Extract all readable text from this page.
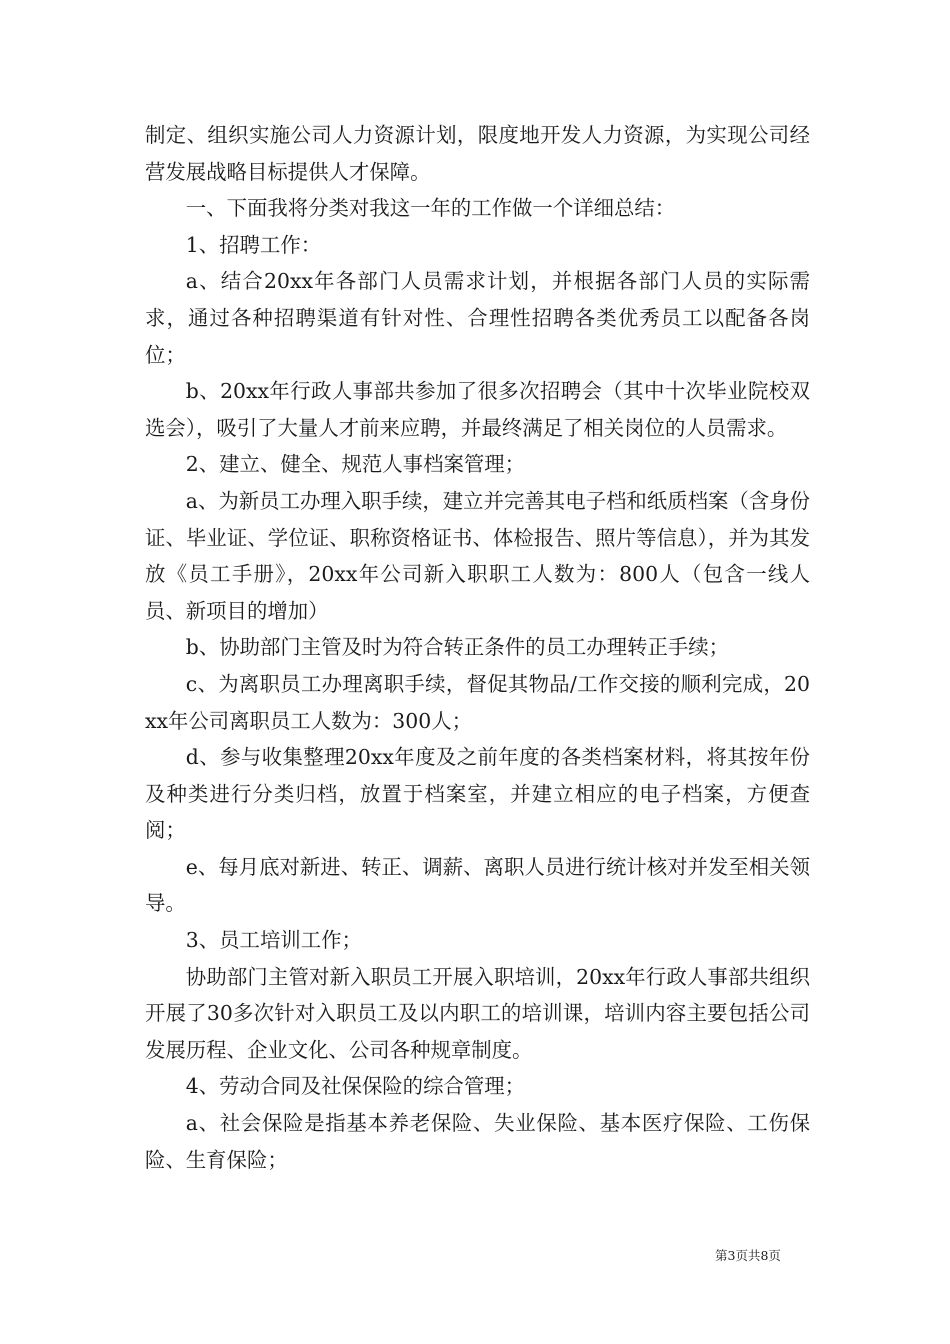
制定、组织实施公司人力资源计划，限度地开发人力资源，为实现公司经营发展战略目标提供人才保障。

一、下面我将分类对我这一年的工作做一个详细总结：

1、招聘工作：

a、结合20xx年各部门人员需求计划，并根据各部门人员的实际需求，通过各种招聘渠道有针对性、合理性招聘各类优秀员工以配备各岗位；

b、20xx年行政人事部共参加了很多次招聘会（其中十次毕业院校双选会），吸引了大量人才前来应聘，并最终满足了相关岗位的人员需求。

2、建立、健全、规范人事档案管理；

a、为新员工办理入职手续，建立并完善其电子档和纸质档案（含身份证、毕业证、学位证、职称资格证书、体检报告、照片等信息），并为其发放《员工手册》，20xx年公司新入职职工人数为：800人（包含一线人员、新项目的增加）

b、协助部门主管及时为符合转正条件的员工办理转正手续；

c、为离职员工办理离职手续，督促其物品/工作交接的顺利完成，20xx年公司离职员工人数为：300人；

d、参与收集整理20xx年度及之前年度的各类档案材料，将其按年份及种类进行分类归档，放置于档案室，并建立相应的电子档案，方便查阅；

e、每月底对新进、转正、调薪、离职人员进行统计核对并发至相关领导。

3、员工培训工作；

协助部门主管对新入职员工开展入职培训，20xx年行政人事部共组织开展了30多次针对入职员工及以内职工的培训课，培训内容主要包括公司发展历程、企业文化、公司各种规章制度。

4、劳动合同及社保保险的综合管理；

a、社会保险是指基本养老保险、失业保险、基本医疗保险、工伤保险、生育保险；

第3页共8页
